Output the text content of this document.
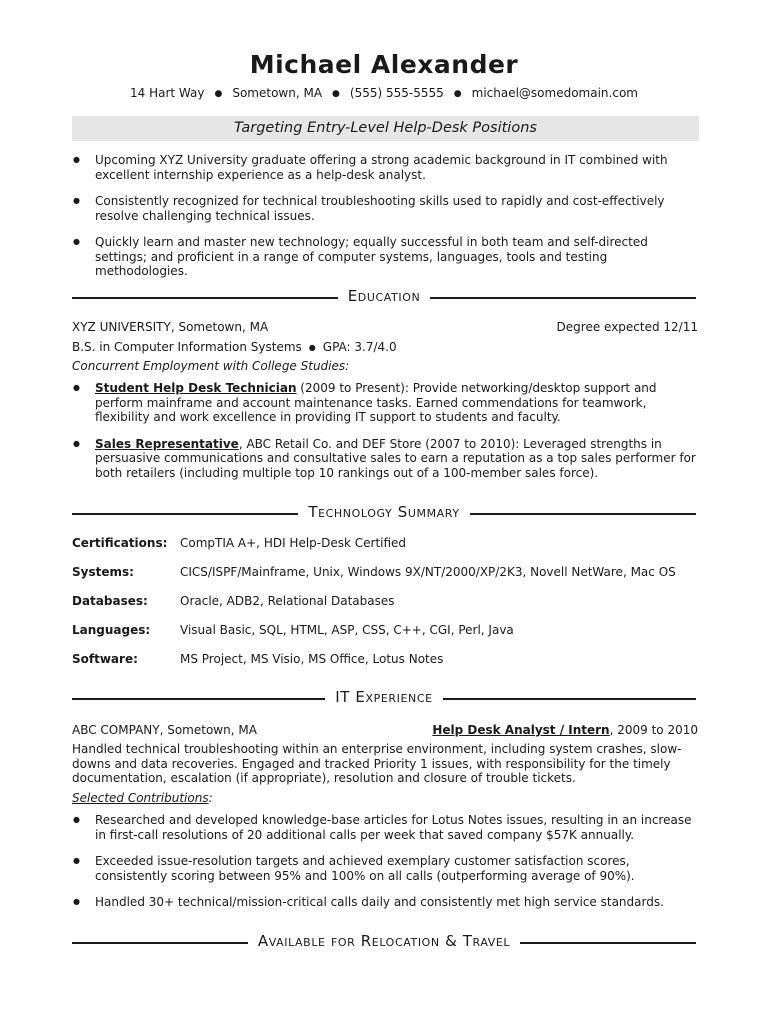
Michael Alexander
14 Hart Way ● Sometown, MA ● (555) 555-5555 ● michael@somedomain.com
Targeting Entry-Level Help-Desk Positions
● Upcoming XYZ University graduate offering a strong academic background in IT combined with excellent internship experience as a help-desk analyst.
● Consistently recognized for technical troubleshooting skills used to rapidly and cost-effectively resolve challenging technical issues.
● Quickly learn and master new technology; equally successful in both team and self-directed settings; and proficient in a range of computer systems, languages, tools and testing methodologies.
Education
XYZ UNIVERSITY, Sometown, MA	Degree expected 12/11
B.S. in Computer Information Systems ● GPA: 3.7/4.0
Concurrent Employment with College Studies:
● Student Help Desk Technician (2009 to Present): Provide networking/desktop support and perform mainframe and account maintenance tasks. Earned commendations for teamwork, flexibility and work excellence in providing IT support to students and faculty.
● Sales Representative, ABC Retail Co. and DEF Store (2007 to 2010): Leveraged strengths in persuasive communications and consultative sales to earn a reputation as a top sales performer for both retailers (including multiple top 10 rankings out of a 100-member sales force).
Technology Summary
Certifications: CompTIA A+, HDI Help-Desk Certified
Systems:	CICS/ISPF/Mainframe, Unix, Windows 9X/NT/2000/XP/2K3, Novell NetWare, Mac OS
Databases:	Oracle, ADB2, Relational Databases
Languages: Visual Basic, SQL, HTML, ASP, CSS, C++, CGI, Perl, Java
Software:	MS Project, MS Visio, MS Office, Lotus Notes
IT Experience
ABC COMPANY, Sometown, MA	Help Desk Analyst / Intern, 2009 to 2010
Handled technical troubleshooting within an enterprise environment, including system crashes, slow-downs and data recoveries. Engaged and tracked Priority 1 issues, with responsibility for the timely documentation, escalation (if appropriate), resolution and closure of trouble tickets.
Selected Contributions:
● Researched and developed knowledge-base articles for Lotus Notes issues, resulting in an increase in first-call resolutions of 20 additional calls per week that saved company $57K annually.
● Exceeded issue-resolution targets and achieved exemplary customer satisfaction scores, consistently scoring between 95% and 100% on all calls (outperforming average of 90%).
● Handled 30+ technical/mission-critical calls daily and consistently met high service standards.
Available for Relocation & Travel
